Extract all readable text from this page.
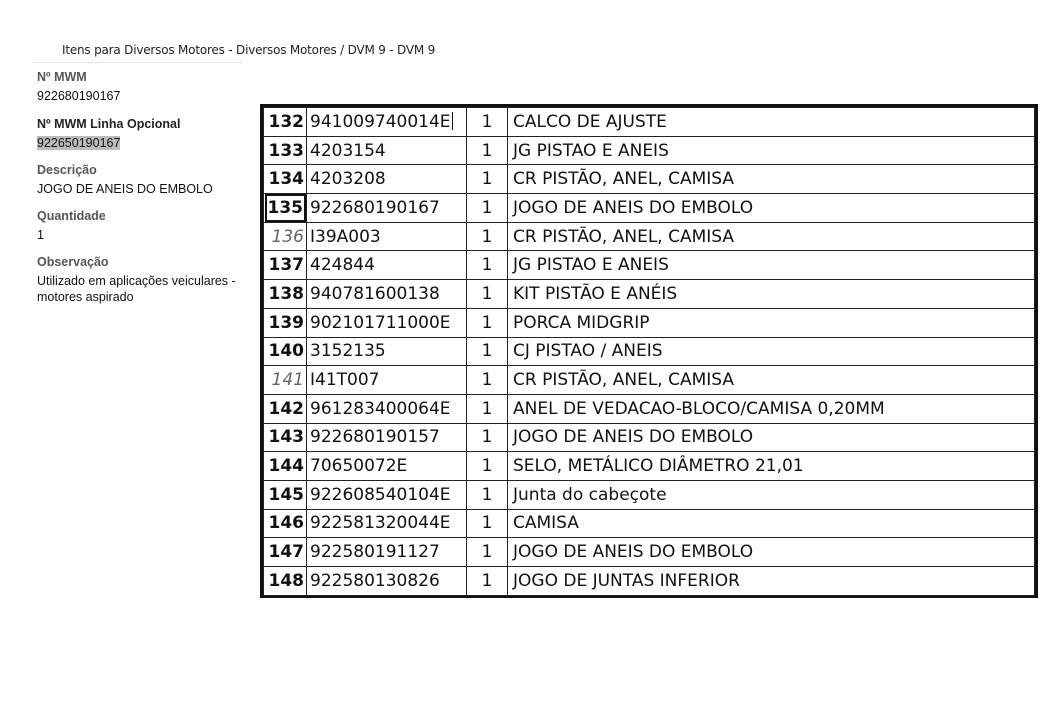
Itens para Diversos Motores - Diversos Motores / DVM 9 - DVM 9
Nº MWM
922680190167
Nº MWM Linha Opcional
922650190167
Descrição
JOGO DE ANEIS DO EMBOLO
Quantidade
1
Observação
Utilizado em aplicações veiculares - motores aspirado
132	941009740014E	1	CALCO DE AJUSTE
133	4203154	1	JG PISTAO E ANEIS
134	4203208	1	CR PISTÃO, ANEL, CAMISA
135	922680190167	1	JOGO DE ANEIS DO EMBOLO
136	I39A003	1	CR PISTÃO, ANEL, CAMISA
137	424844	1	JG PISTAO E ANEIS
138	940781600138	1	KIT PISTÃO E ANÉIS
139	902101711000E	1	PORCA MIDGRIP
140	3152135	1	CJ PISTAO / ANEIS
141	I41T007	1	CR PISTÃO, ANEL, CAMISA
142	961283400064E	1	ANEL DE VEDACAO-BLOCO/CAMISA 0,20MM
143	922680190157	1	JOGO DE ANEIS DO EMBOLO
144	70650072E	1	SELO, METÁLICO DIÂMETRO 21,01
145	922608540104E	1	Junta do cabeçote
146	922581320044E	1	CAMISA
147	922580191127	1	JOGO DE ANEIS DO EMBOLO
148	922580130826	1	JOGO DE JUNTAS INFERIOR
